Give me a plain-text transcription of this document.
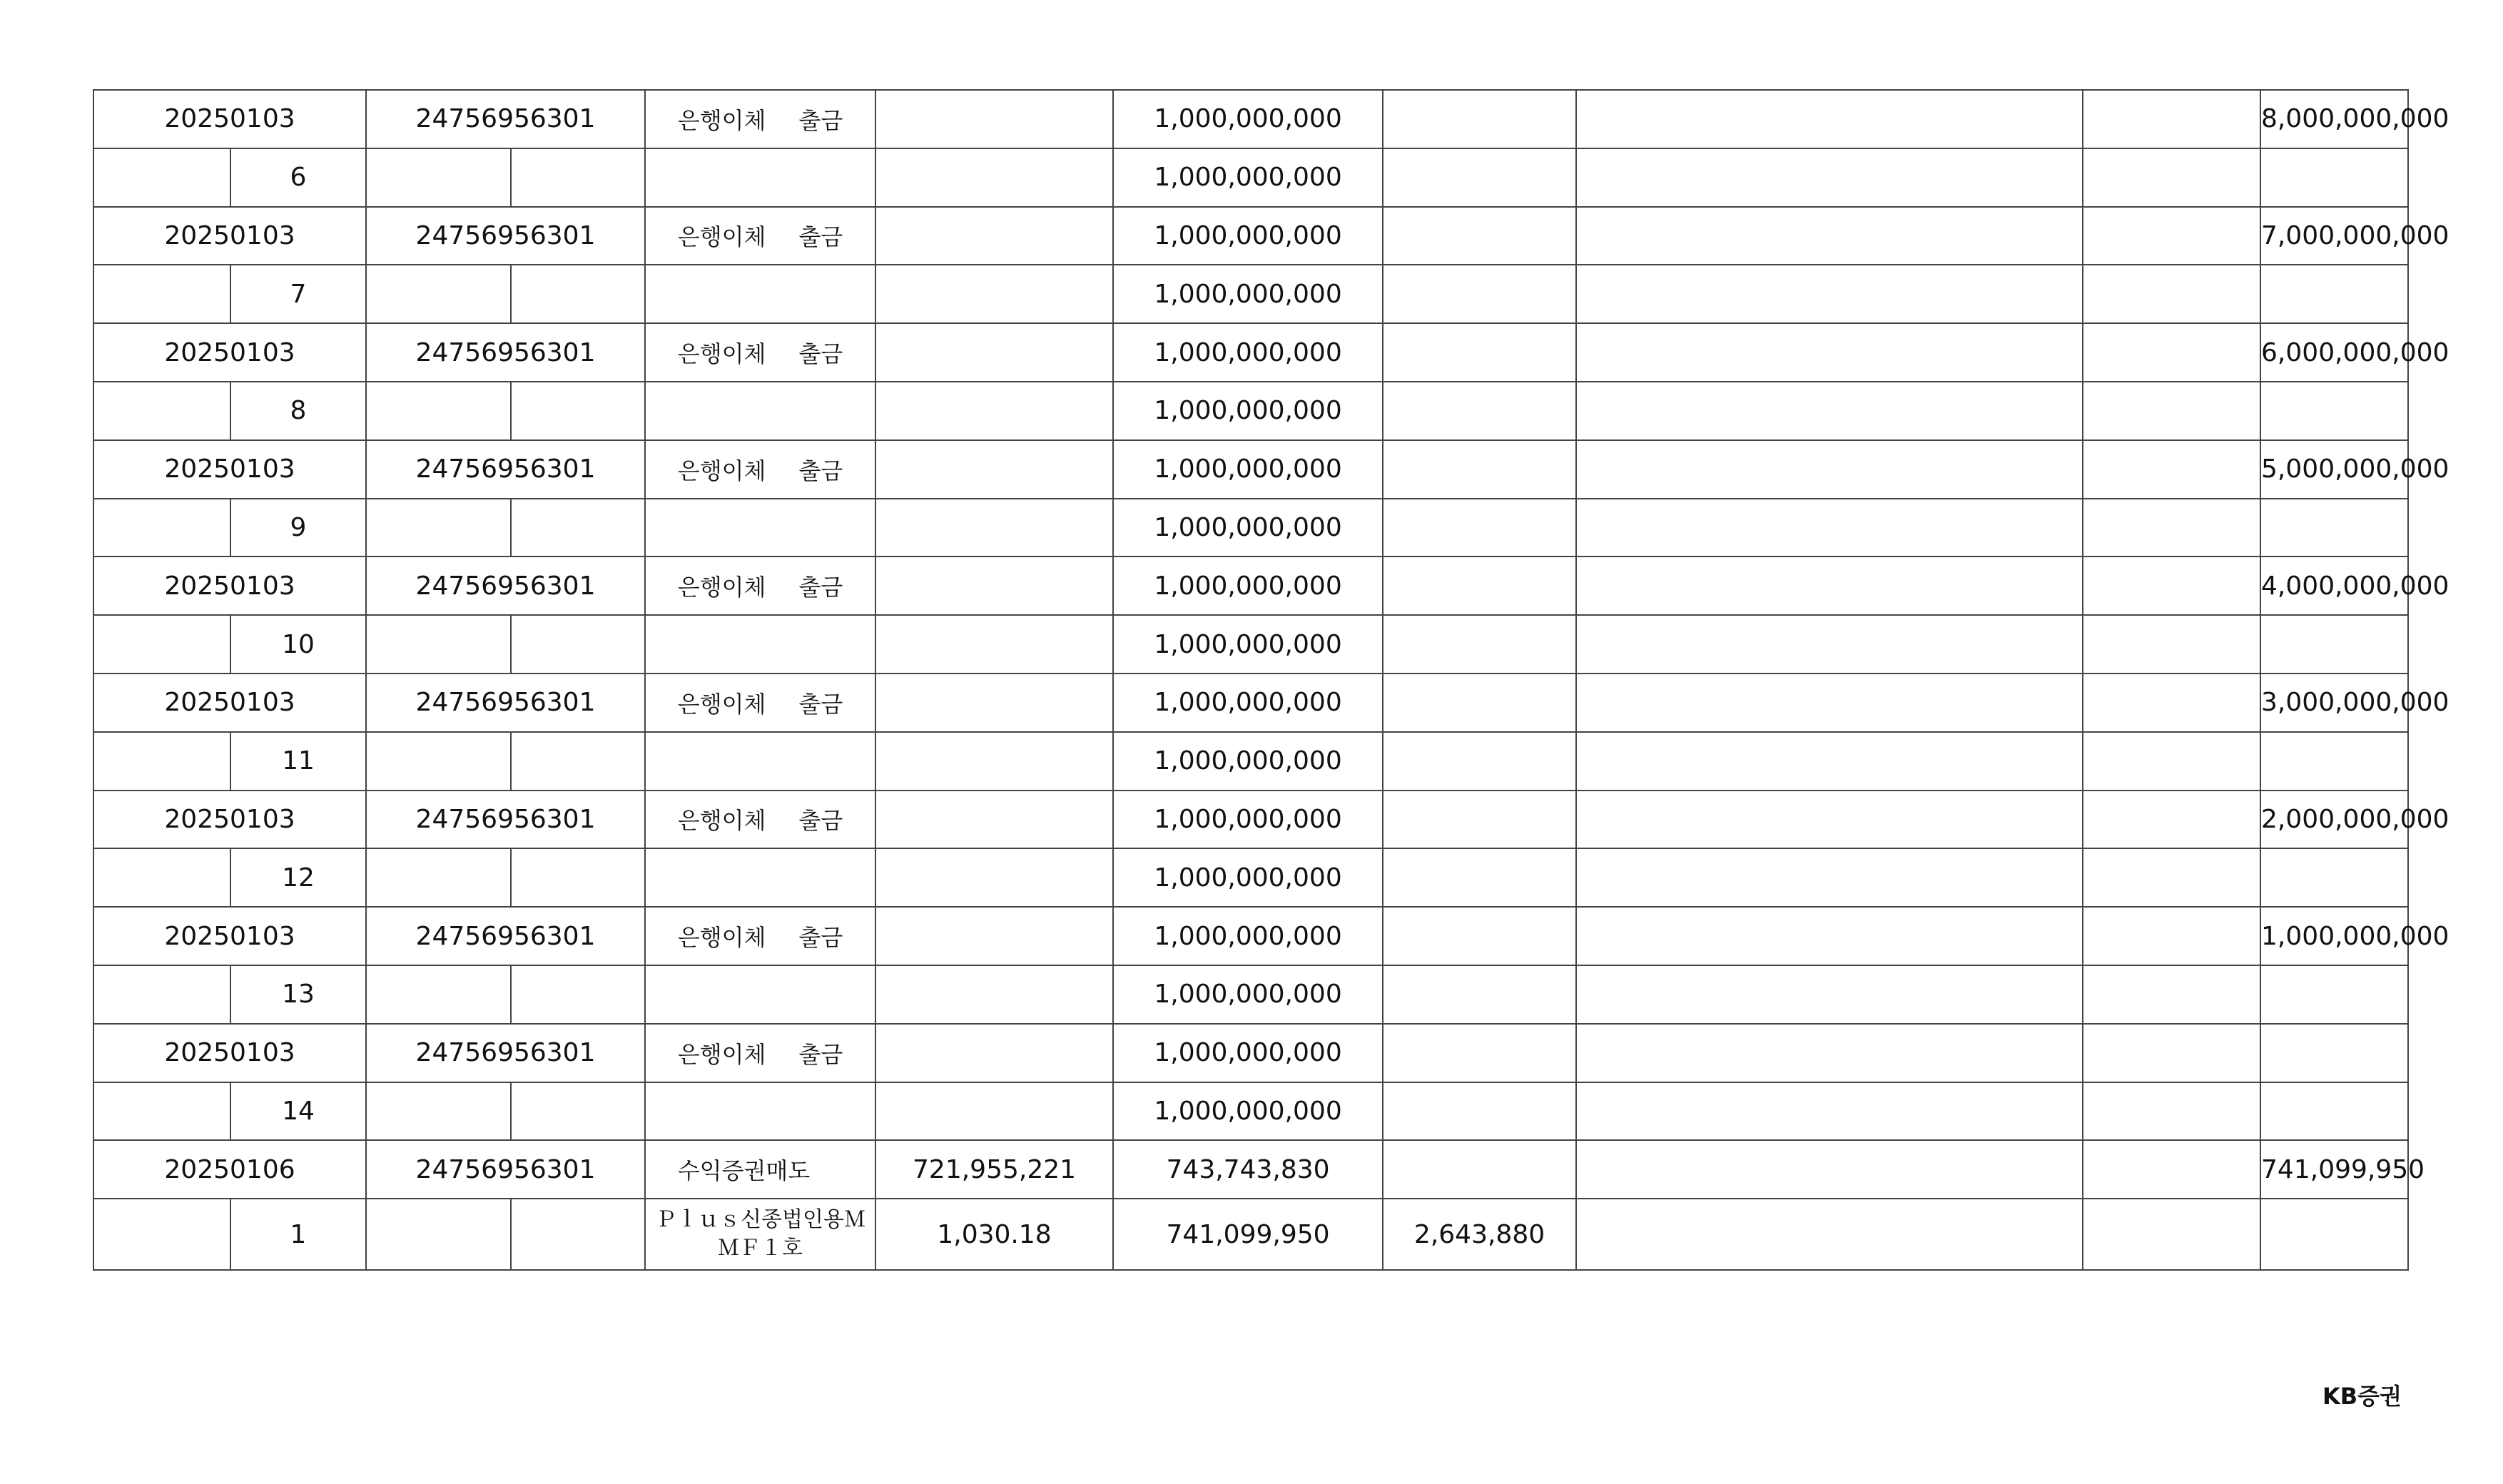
20250103		24756956301		은행이체 출금		1,000,000,000				8,000,000,000	
	6					1,000,000,000					
20250103		24756956301		은행이체 출금		1,000,000,000				7,000,000,000	
	7					1,000,000,000					
20250103		24756956301		은행이체 출금		1,000,000,000				6,000,000,000	
	8					1,000,000,000					
20250103		24756956301		은행이체 출금		1,000,000,000				5,000,000,000	
	9					1,000,000,000					
20250103		24756956301		은행이체 출금		1,000,000,000				4,000,000,000	
	10					1,000,000,000					
20250103		24756956301		은행이체 출금		1,000,000,000				3,000,000,000	
	11					1,000,000,000					
20250103		24756956301		은행이체 출금		1,000,000,000				2,000,000,000	
	12					1,000,000,000					
20250103		24756956301		은행이체 출금		1,000,000,000				1,000,000,000	
	13					1,000,000,000					
20250103		24756956301		은행이체 출금		1,000,000,000					
	14					1,000,000,000					
20250106		24756956301		수익증권매도	721,955,221	743,743,830				741,099,950	
	1			Ｐｌｕｓ신종법인용ＭＭＦ１호	1,030.18	741,099,950	2,643,880				
KB증권
